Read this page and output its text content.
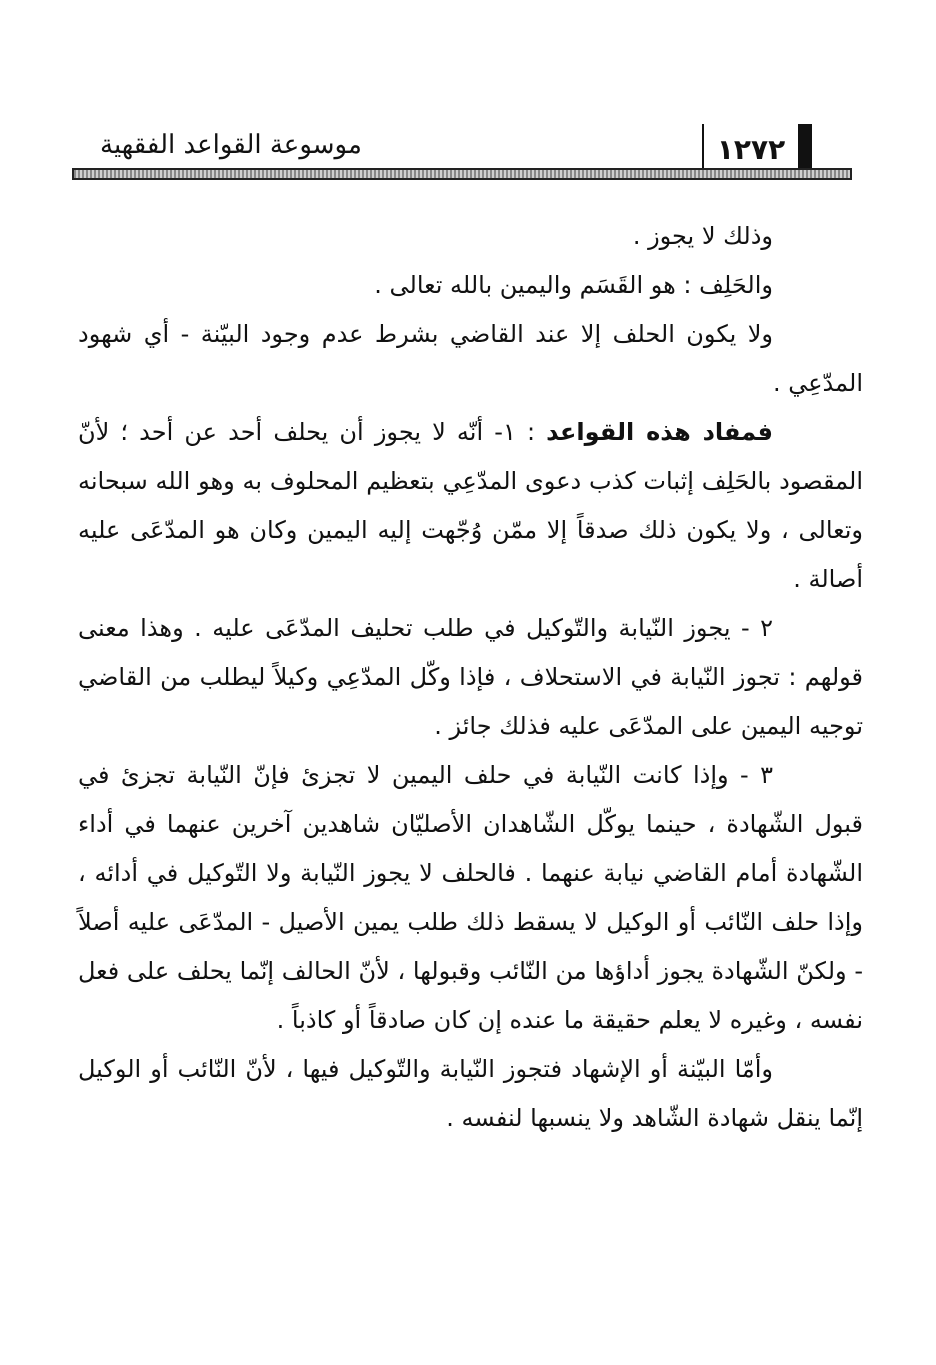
١٢٧٢
موسوعة القواعد الفقهية

وذلك لا يجوز .

والحَلِف : هو القَسَم واليمين بالله تعالى .

ولا يكون الحلف إلا عند القاضي بشرط عدم وجود البيّنة - أي شهود المدّعِي .

فمفاد هذه القواعد : ١- أنّه لا يجوز أن يحلف أحد عن أحد ؛ لأنّ المقصود بالحَلِف إثبات كذب دعوى المدّعِي بتعظيم المحلوف به وهو الله سبحانه وتعالى ، ولا يكون ذلك صدقاً إلا ممّن وُجّهت إليه اليمين وكان هو المدّعَى عليه أصالة .

٢ - يجوز النّيابة والتّوكيل في طلب تحليف المدّعَى عليه . وهذا معنى قولهم : تجوز النّيابة في الاستحلاف ، فإذا وكّل المدّعِي وكيلاً ليطلب من القاضي توجيه اليمين على المدّعَى عليه فذلك جائز .

٣ - وإذا كانت النّيابة في حلف اليمين لا تجزئ فإنّ النّيابة تجزئ في قبول الشّهادة ، حينما يوكّل الشّاهدان الأصليّان شاهدين آخرين عنهما في أداء الشّهادة أمام القاضي نيابة عنهما . فالحلف لا يجوز النّيابة ولا التّوكيل في أدائه ، وإذا حلف النّائب أو الوكيل لا يسقط ذلك طلب يمين الأصيل - المدّعَى عليه أصلاً - ولكنّ الشّهادة يجوز أداؤها من النّائب وقبولها ، لأنّ الحالف إنّما يحلف على فعل نفسه ، وغيره لا يعلم حقيقة ما عنده إن كان صادقاً أو كاذباً .

وأمّا البيّنة أو الإشهاد فتجوز النّيابة والتّوكيل فيها ، لأنّ النّائب أو الوكيل إنّما ينقل شهادة الشّاهد ولا ينسبها لنفسه .
